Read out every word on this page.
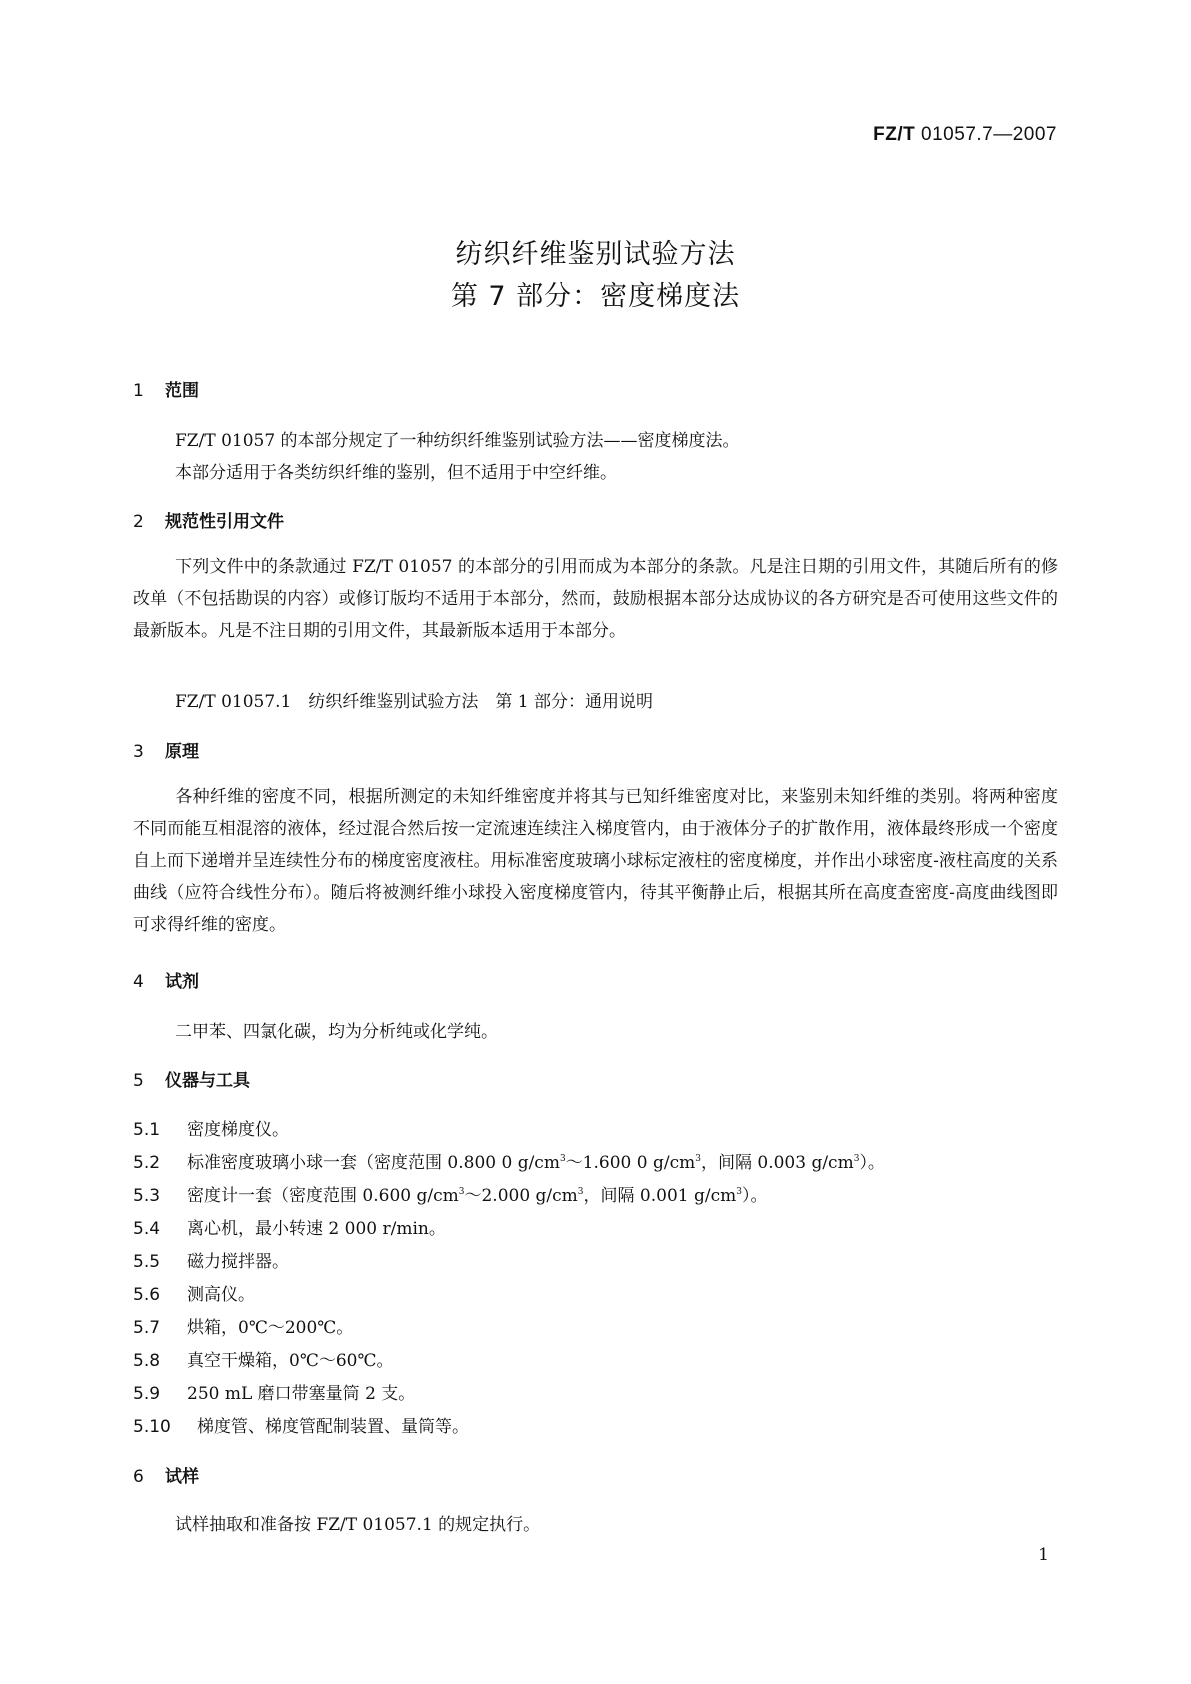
FZ/T 01057.7—2007
纺织纤维鉴别试验方法
第 7 部分：密度梯度法
1 范围
FZ/T 01057 的本部分规定了一种纺织纤维鉴别试验方法——密度梯度法。
本部分适用于各类纺织纤维的鉴别，但不适用于中空纤维。
2 规范性引用文件
下列文件中的条款通过 FZ/T 01057 的本部分的引用而成为本部分的条款。凡是注日期的引用文件，其随后所有的修改单（不包括勘误的内容）或修订版均不适用于本部分，然而，鼓励根据本部分达成协议的各方研究是否可使用这些文件的最新版本。凡是不注日期的引用文件，其最新版本适用于本部分。
FZ/T 01057.1　纺织纤维鉴别试验方法　第 1 部分：通用说明
3 原理
各种纤维的密度不同，根据所测定的未知纤维密度并将其与已知纤维密度对比，来鉴别未知纤维的类别。将两种密度不同而能互相混溶的液体，经过混合然后按一定流速连续注入梯度管内，由于液体分子的扩散作用，液体最终形成一个密度自上而下递增并呈连续性分布的梯度密度液柱。用标准密度玻璃小球标定液柱的密度梯度，并作出小球密度-液柱高度的关系曲线（应符合线性分布）。随后将被测纤维小球投入密度梯度管内，待其平衡静止后，根据其所在高度查密度-高度曲线图即可求得纤维的密度。
4 试剂
二甲苯、四氯化碳，均为分析纯或化学纯。
5 仪器与工具
5.1 密度梯度仪。
5.2 标准密度玻璃小球一套（密度范围 0.800 0 $g/cm^3\sim 1.600$ 0 $g/cm^3$，间隔 0.003 $g/cm^3$）。
5.3 密度计一套（密度范围 0.600 $g/cm^3\sim 2.000$ $g/cm^3$，间隔 0.001 $g/cm^3$）。
5.4 离心机，最小转速 2 000 r/min。
5.5 磁力搅拌器。
5.6 测高仪。
5.7 烘箱，0℃～200℃。
5.8 真空干燥箱，0℃～60℃。
5.9 250 mL 磨口带塞量筒 2 支。
5.10 梯度管、梯度管配制装置、量筒等。
6 试样
试样抽取和准备按 FZ/T 01057.1 的规定执行。
1
